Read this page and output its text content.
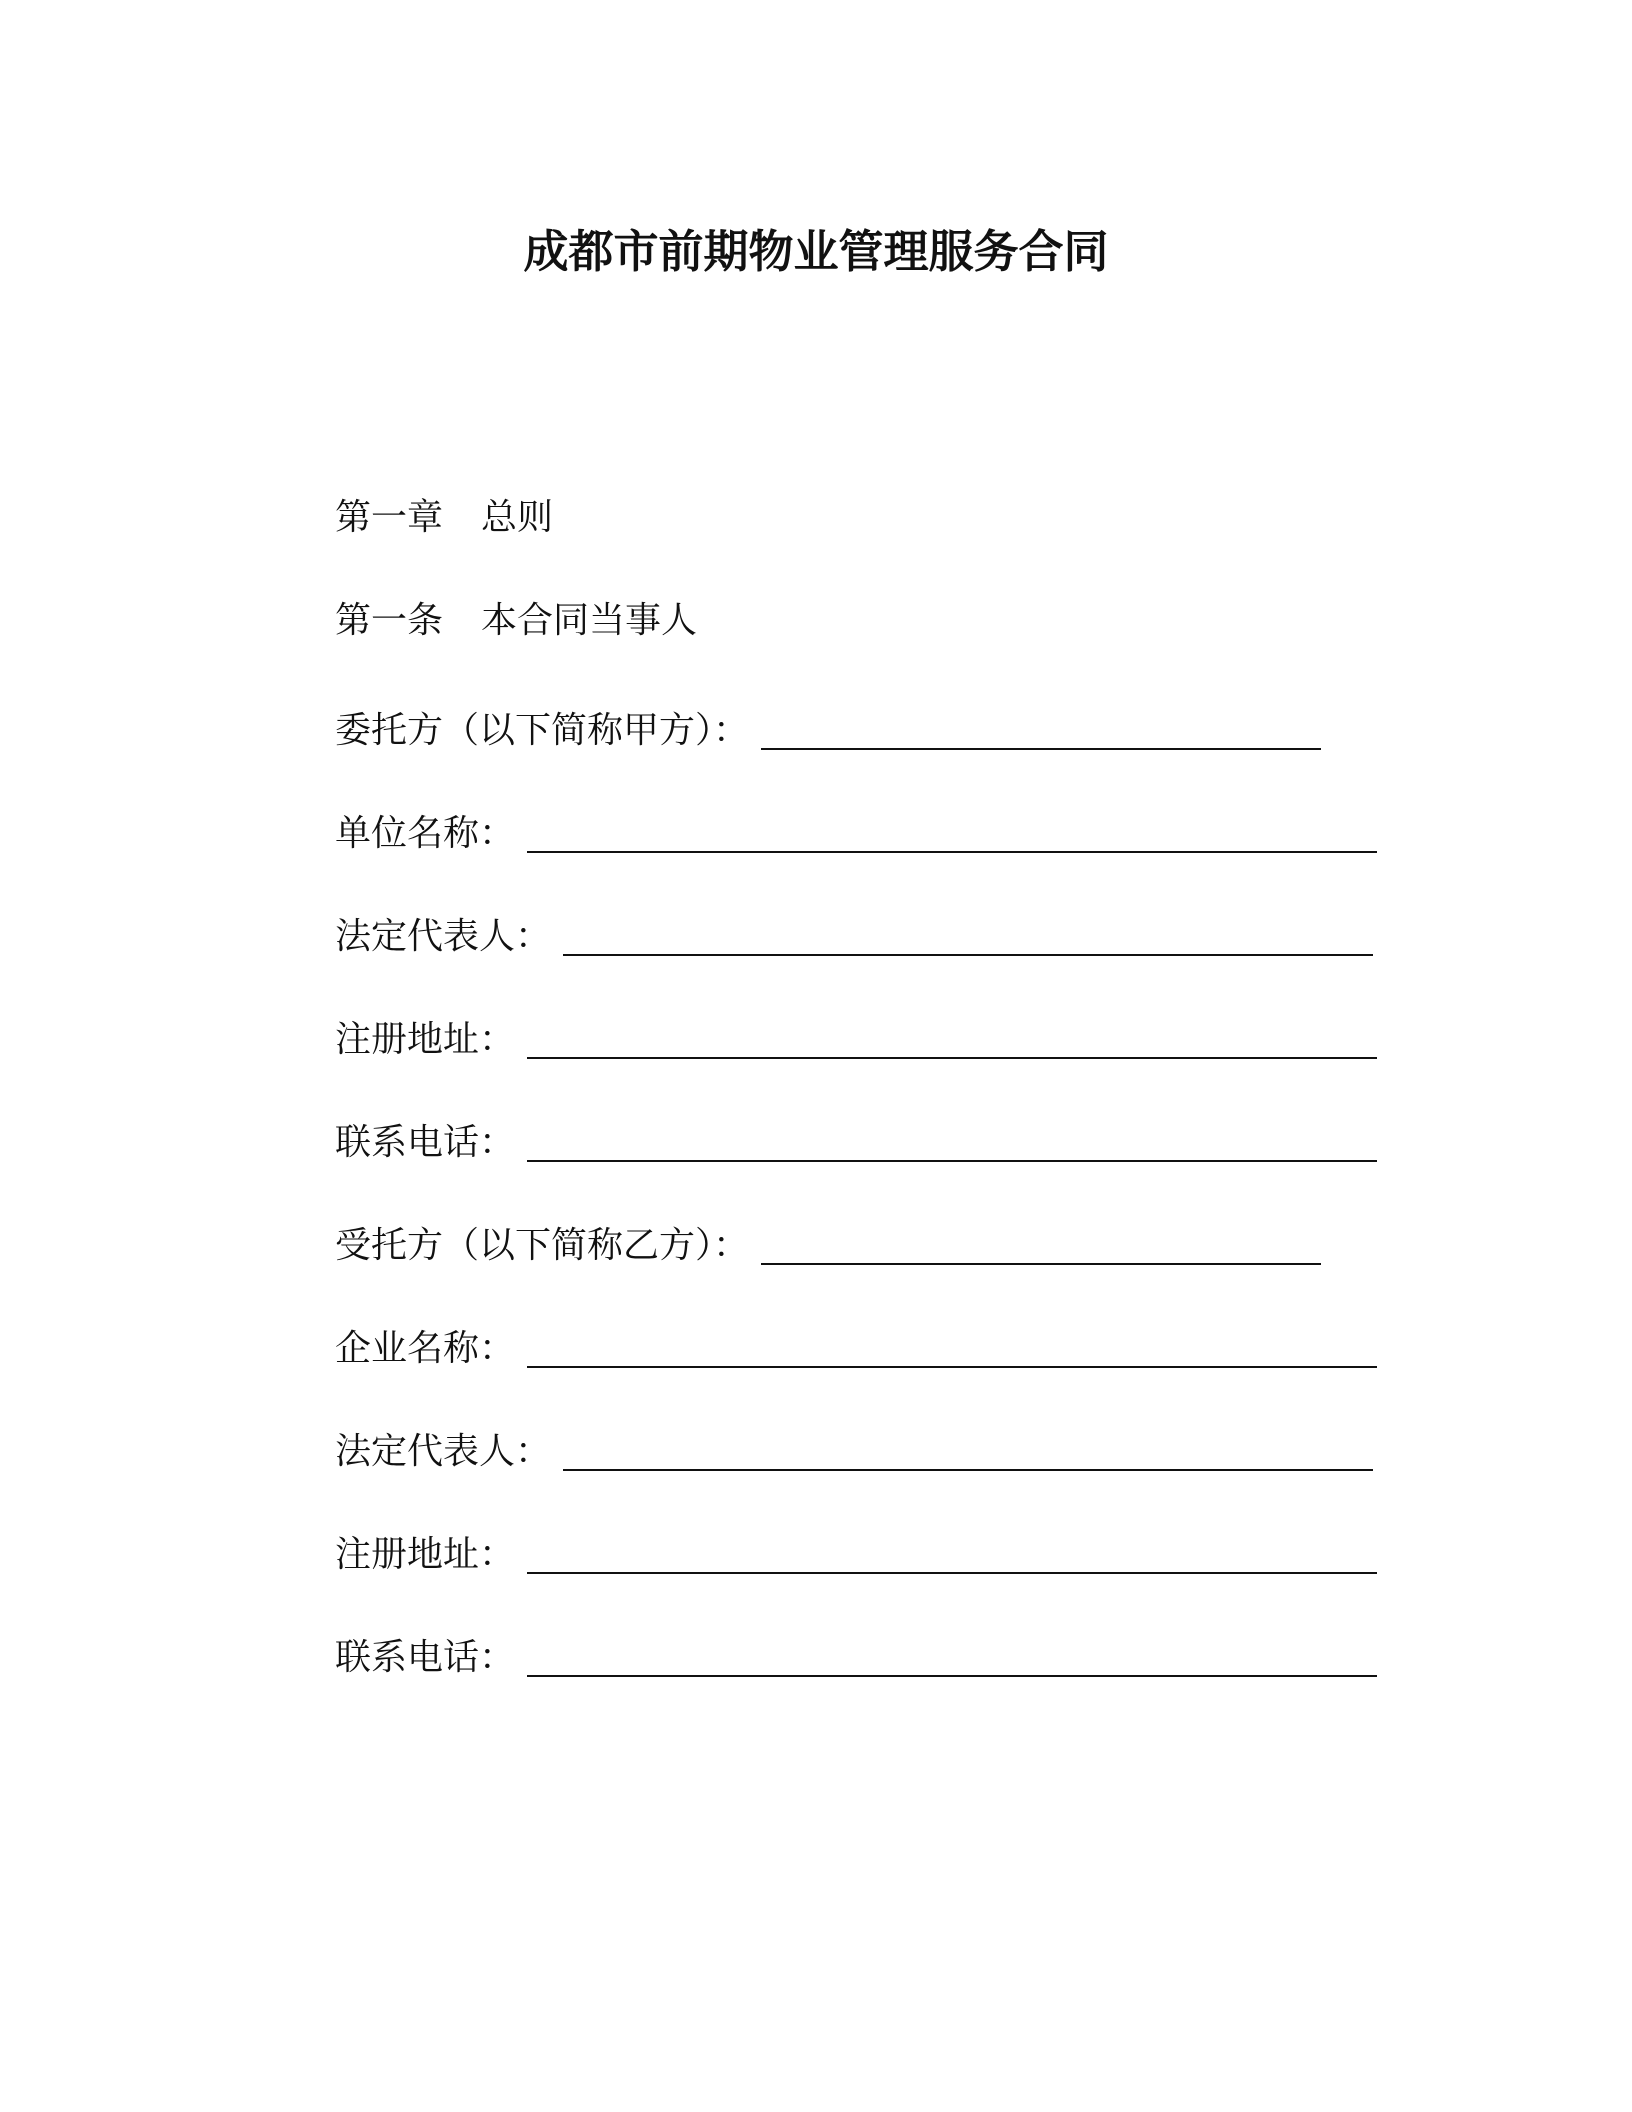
成都市前期物业管理服务合同
第一章 总则
第一条 本合同当事人
委托方（以下简称甲方）：
单位名称：
法定代表人：
注册地址：
联系电话：
受托方（以下简称乙方）：
企业名称：
法定代表人：
注册地址：
联系电话：
